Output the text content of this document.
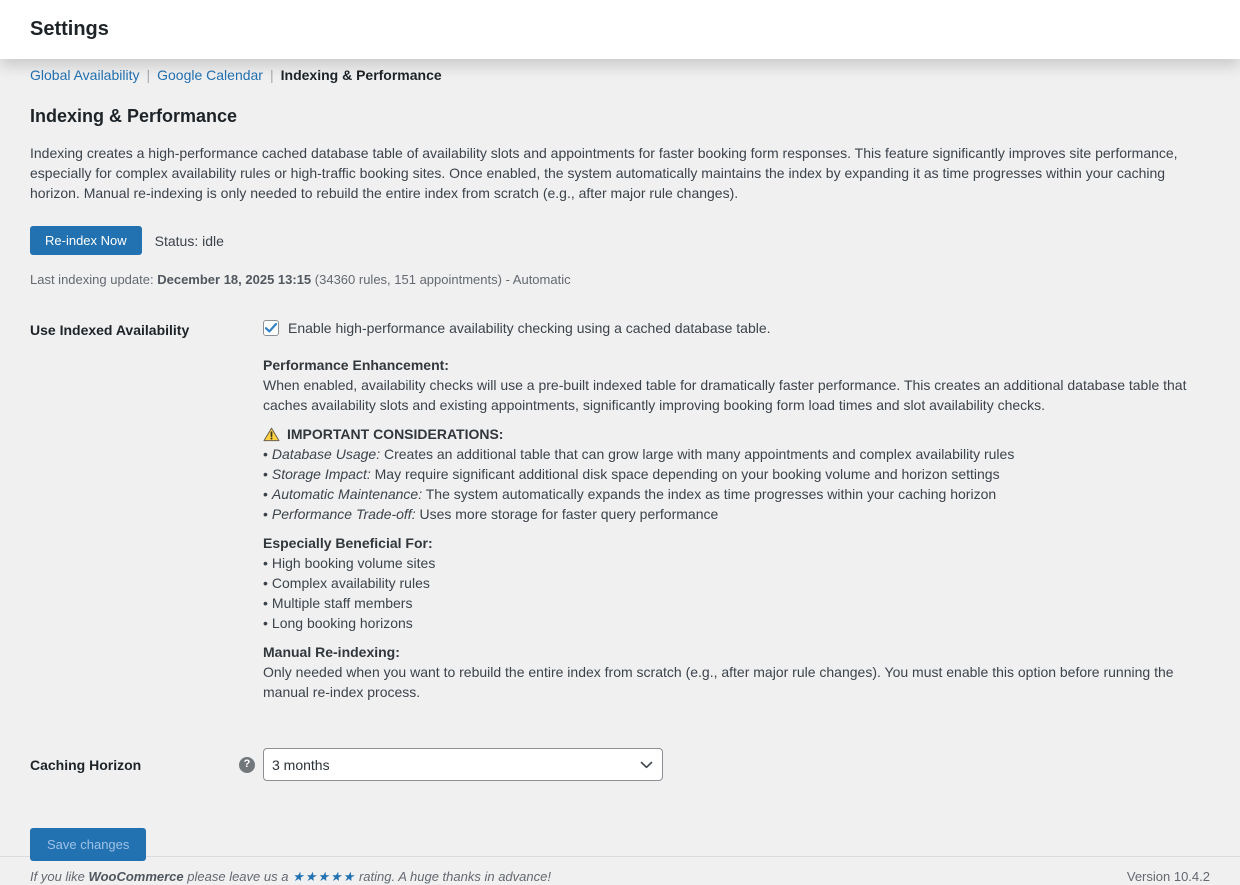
Settings
Global Availability | Google Calendar | Indexing & Performance
Indexing & Performance

Indexing creates a high-performance cached database table of availability slots and appointments for faster booking form responses. This feature significantly improves site performance, especially for complex availability rules or high-traffic booking sites. Once enabled, the system automatically maintains the index by expanding it as time progresses within your caching horizon. Manual re-indexing is only needed to rebuild the entire index from scratch (e.g., after major rule changes).

Re-index Now	Status: idle

Last indexing update: December 18, 2025 13:15 (34360 rules, 151 appointments) - Automatic

Use Indexed Availability	Enable high-performance availability checking using a cached database table.
Performance Enhancement:
When enabled, availability checks will use a pre-built indexed table for dramatically faster performance. This creates an additional database table that caches availability slots and existing appointments, significantly improving booking form load times and slot availability checks.
IMPORTANT CONSIDERATIONS:
• Database Usage: Creates an additional table that can grow large with many appointments and complex availability rules
• Storage Impact: May require significant additional disk space depending on your booking volume and horizon settings
• Automatic Maintenance: The system automatically expands the index as time progresses within your caching horizon
• Performance Trade-off: Uses more storage for faster query performance
Especially Beneficial For:
• High booking volume sites
• Complex availability rules
• Multiple staff members
• Long booking horizons
Manual Re-indexing:
Only needed when you want to rebuild the entire index from scratch (e.g., after major rule changes). You must enable this option before running the manual re-index process.
Caching Horizon	?
3 months
Save changes

If you like WooCommerce please leave us a ★★★★★ rating. A huge thanks in advance!	Version 10.4.2
